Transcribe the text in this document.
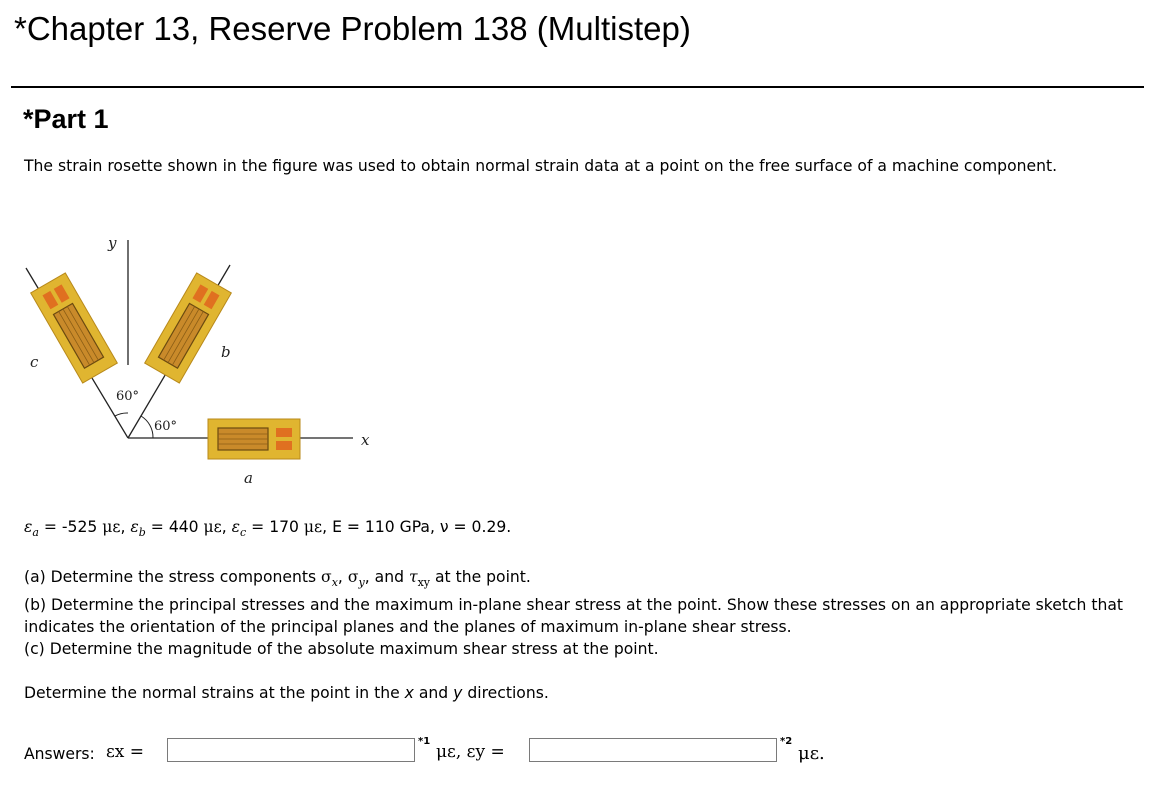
*Chapter 13, Reserve Problem 138 (Multistep)
*Part 1

The strain rosette shown in the figure was used to obtain normal strain data at a point on the free surface of a machine component.

y
x
a
b
c
60°
60°
$\varepsilon_a = -525$ με, $\varepsilon_b = 440$ με, $\varepsilon_c = 170$ με, E = 110 GPa, ν = 0.29.

(a) Determine the stress components $\sigma_x$, $\sigma_y$, and $\tau_{xy}$ at the point.

(b) Determine the principal stresses and the maximum in-plane shear stress at the point. Show these stresses on an appropriate sketch that indicates the orientation of the principal planes and the planes of maximum in-plane shear stress.

(c) Determine the magnitude of the absolute maximum shear stress at the point.

Determine the normal strains at the point in the x and y directions.

Answers: εx =
*1
με, εy =
*2
με.
